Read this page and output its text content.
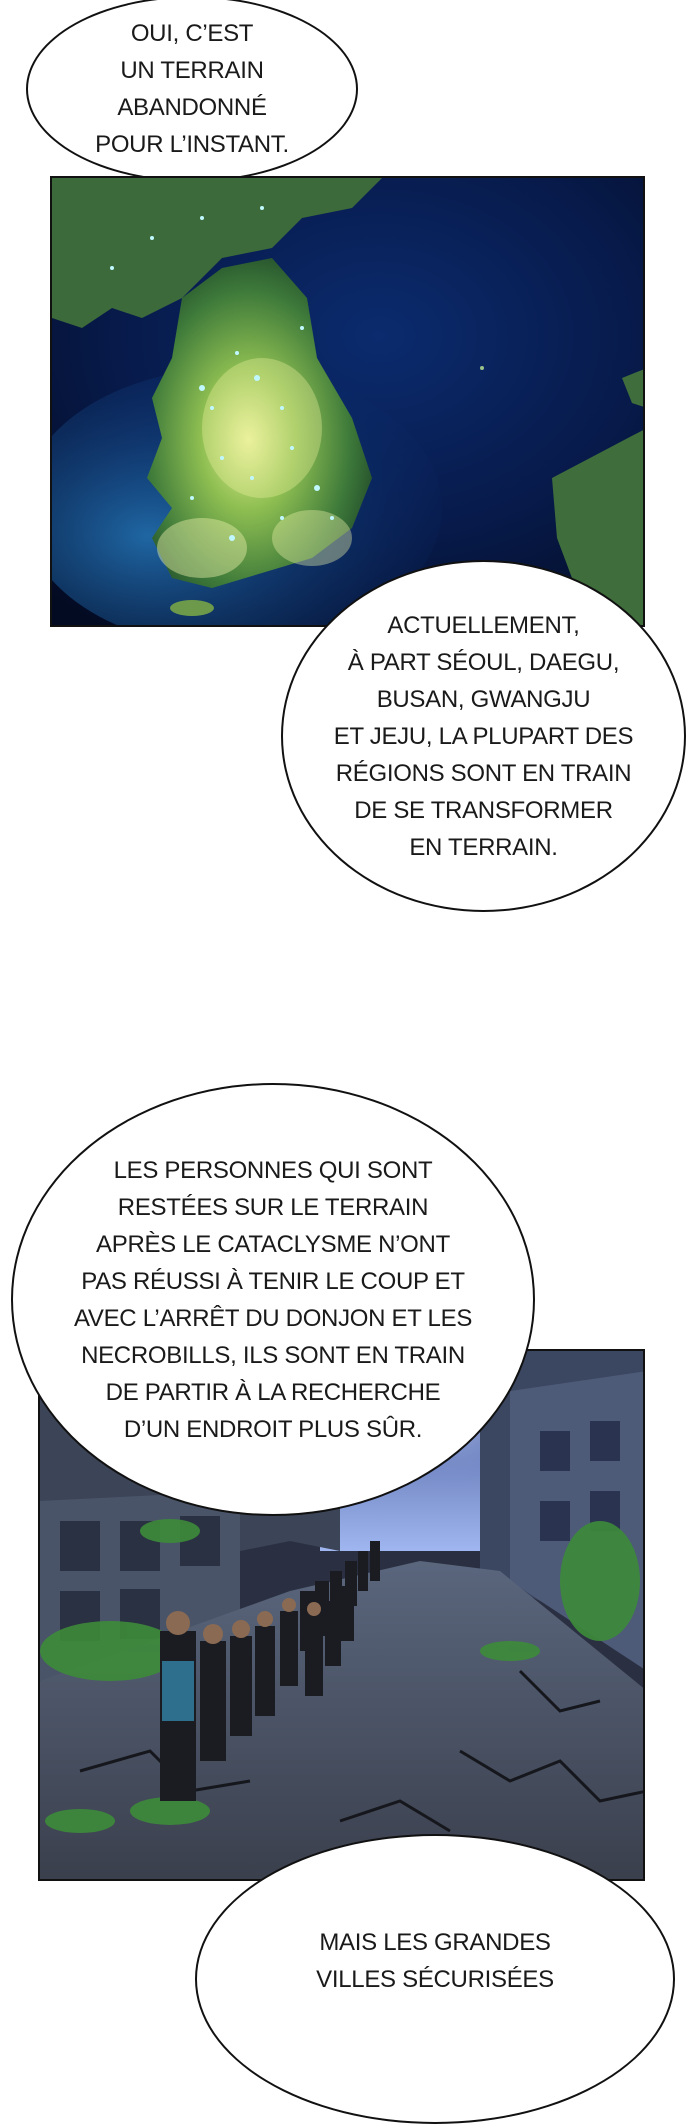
OUI, C’EST
UN TERRAIN
ABANDONNÉ
POUR L’INSTANT.
ACTUELLEMENT,
À PART SÉOUL, DAEGU,
BUSAN, GWANGJU
ET JEJU, LA PLUPART DES
RÉGIONS SONT EN TRAIN
DE SE TRANSFORMER
EN TERRAIN.
LES PERSONNES QUI SONT
RESTÉES SUR LE TERRAIN
APRÈS LE CATACLYSME N’ONT
PAS RÉUSSI À TENIR LE COUP ET
AVEC L’ARRÊT DU DONJON ET LES
NECROBILLS, ILS SONT EN TRAIN
DE PARTIR À LA RECHERCHE
D’UN ENDROIT PLUS SÛR.
MAIS LES GRANDES
VILLES SÉCURISÉES
